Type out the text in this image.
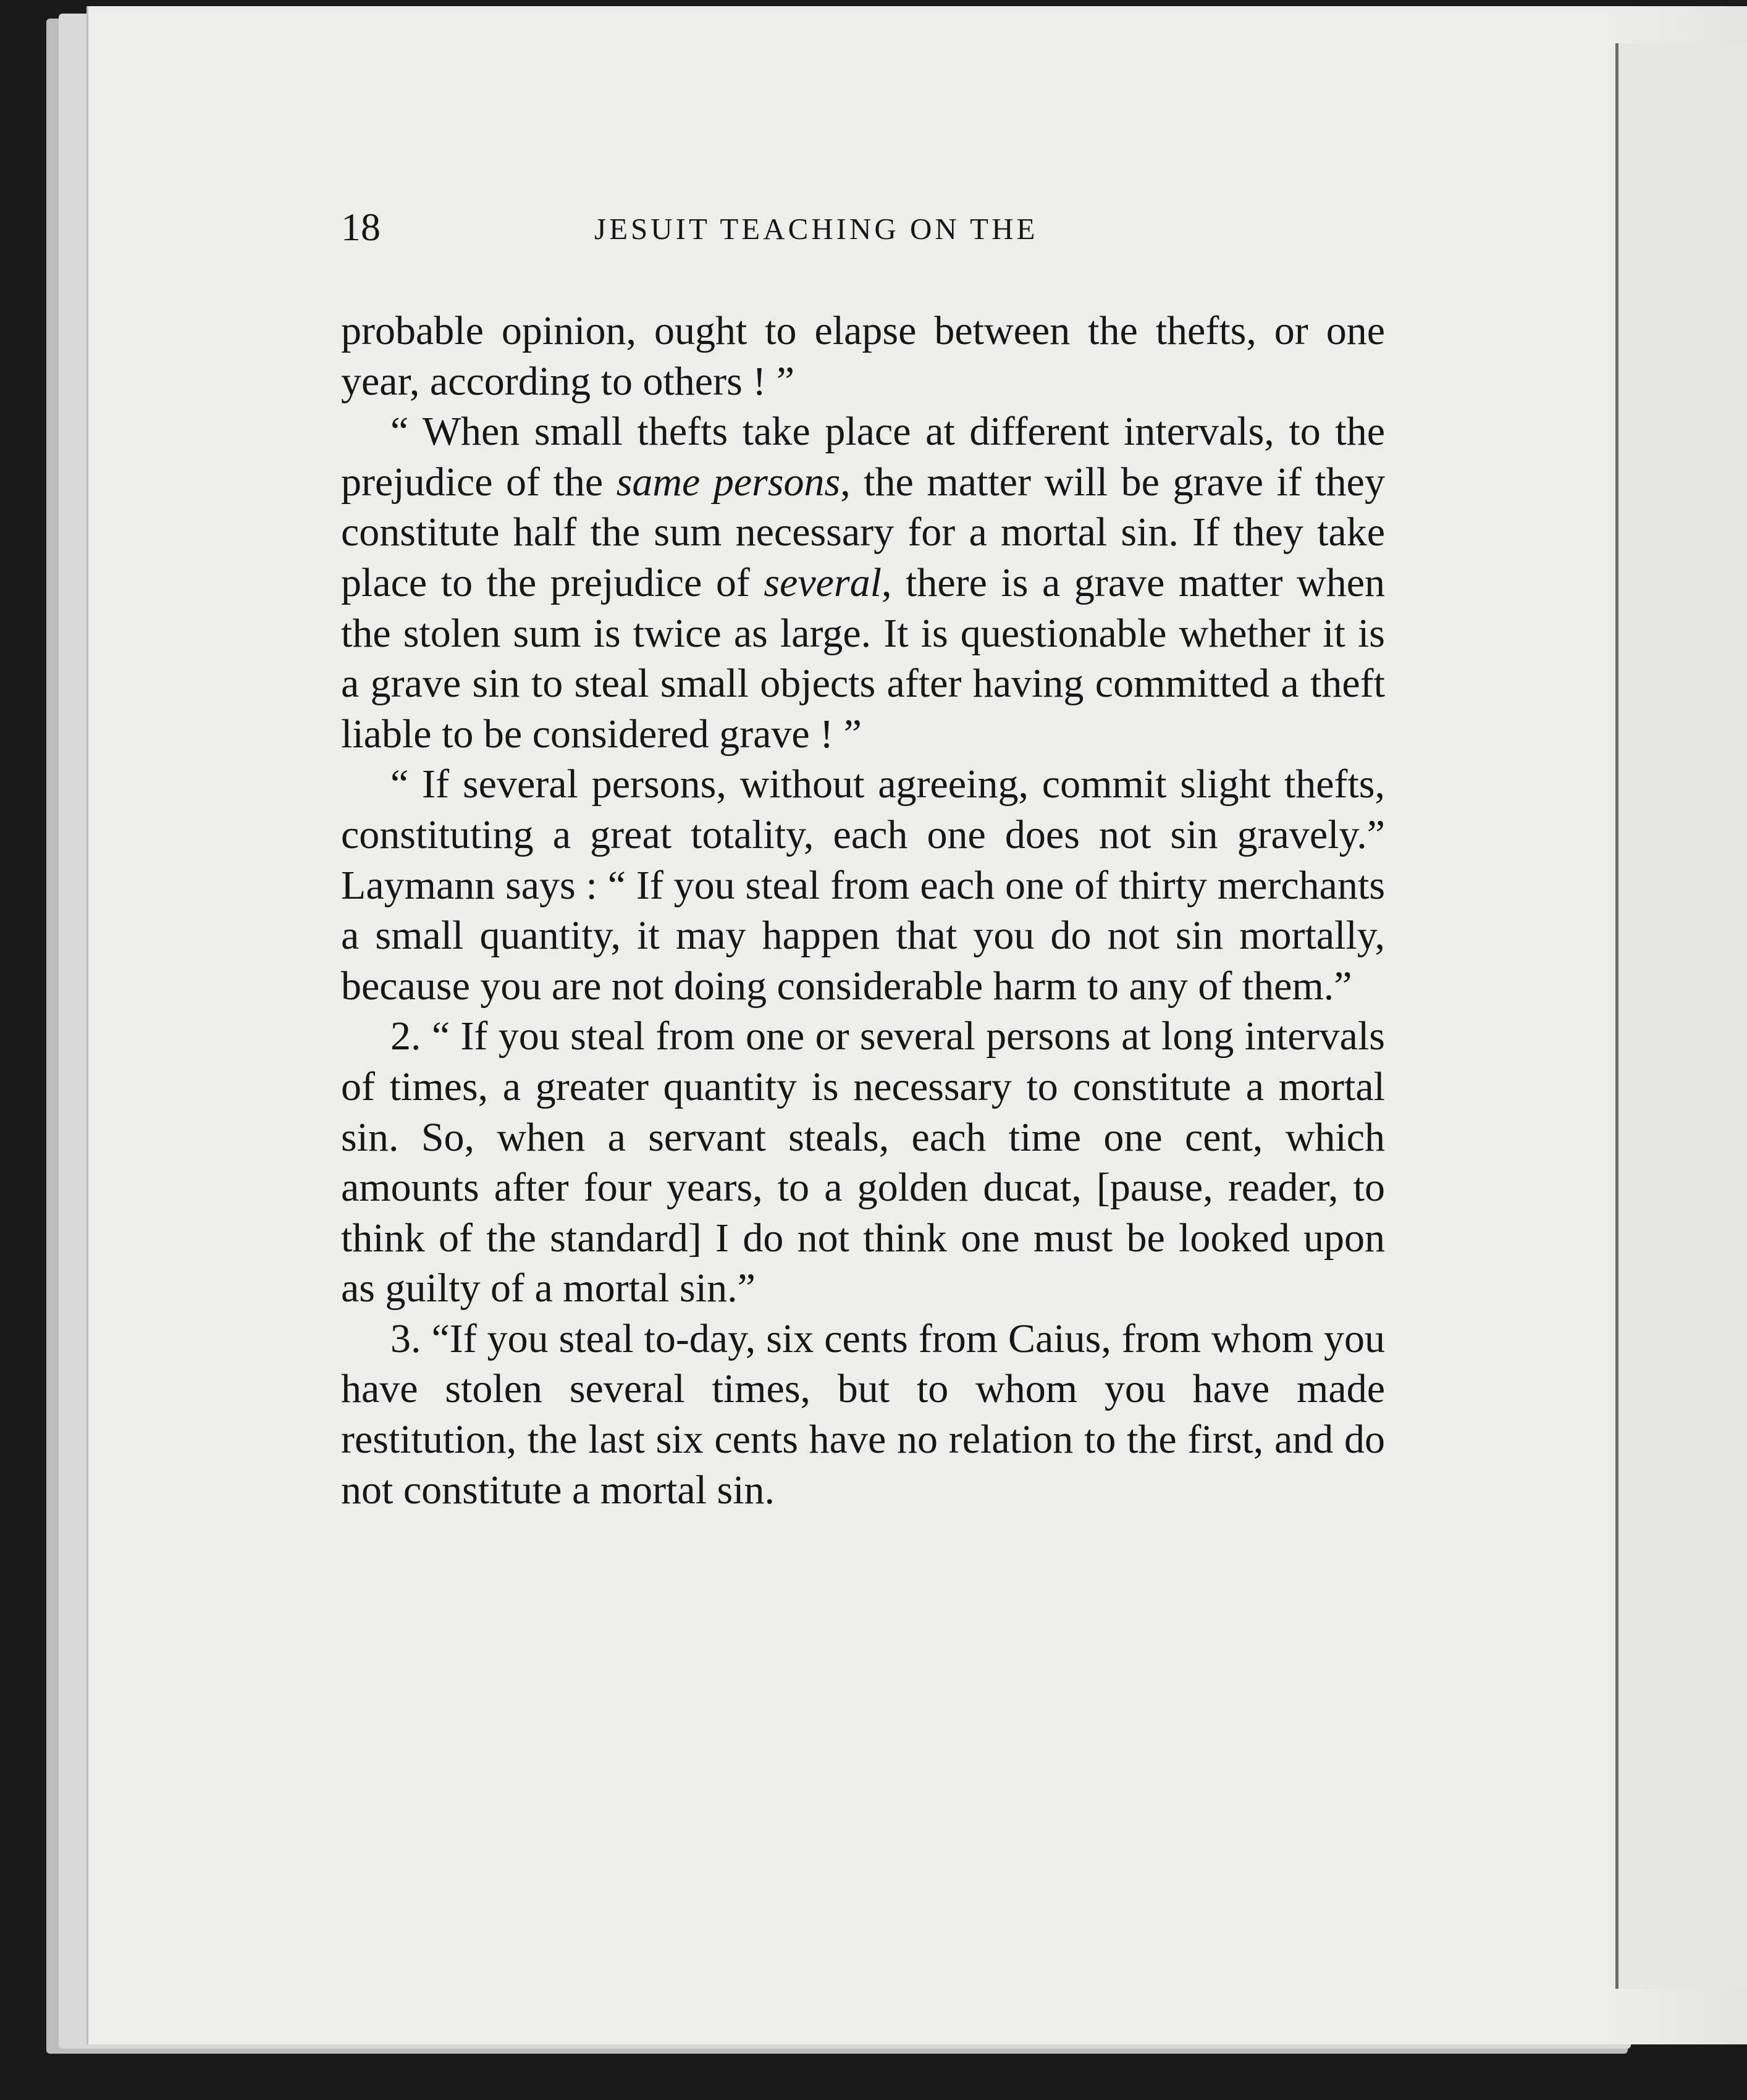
18	JESUIT TEACHING ON THE

probable opinion, ought to elapse between the thefts, or one year, according to others ! ”

“ When small thefts take place at different intervals, to the prejudice of the same persons, the matter will be grave if they constitute half the sum necessary for a mortal sin. If they take place to the prejudice of several, there is a grave matter when the stolen sum is twice as large. It is questionable whether it is a grave sin to steal small objects after having committed a theft liable to be considered grave ! ”

“ If several persons, without agreeing, commit slight thefts, constituting a great totality, each one does not sin gravely.” Laymann says : “ If you steal from each one of thirty merchants a small quantity, it may happen that you do not sin mortally, because you are not doing considerable harm to any of them.”

2. “ If you steal from one or several persons at long intervals of times, a greater quantity is necessary to constitute a mortal sin. So, when a servant steals, each time one cent, which amounts after four years, to a golden ducat, [pause, reader, to think of the standard] I do not think one must be looked upon as guilty of a mortal sin.”

3. “If you steal to-day, six cents from Caius, from whom you have stolen several times, but to whom you have made restitution, the last six cents have no relation to the first, and do not constitute a mortal sin.
